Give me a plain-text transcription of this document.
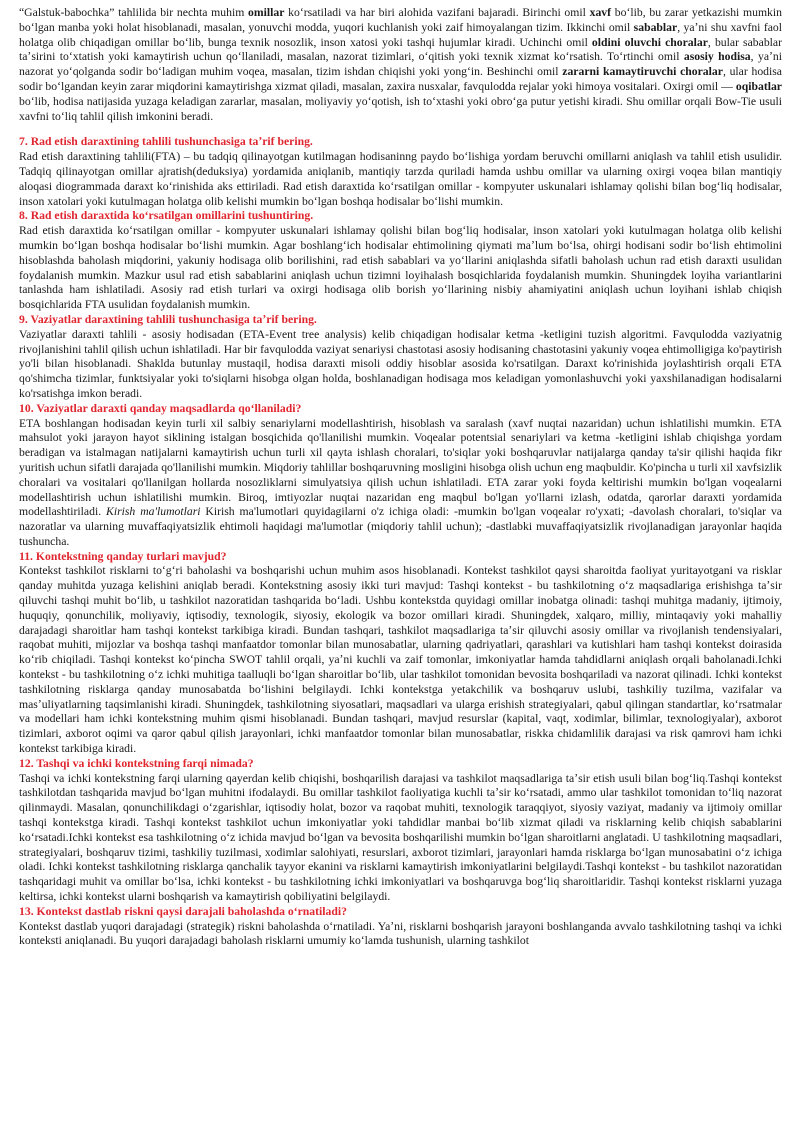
“Galstuk-babochka” tahlilida bir nechta muhim omillar koʻrsatiladi va har biri alohida vazifani bajaradi. Birinchi omil xavf boʻlib, bu zarar yetkazishi mumkin boʻlgan manba yoki holat hisoblanadi, masalan, yonuvchi modda, yuqori kuchlanish yoki zaif himoyalangan tizim. Ikkinchi omil sabablar, yaʼni shu xavfni faol holatga olib chiqadigan omillar boʻlib, bunga texnik nosozlik, inson xatosi yoki tashqi hujumlar kiradi. Uchinchi omil oldini oluvchi choralar, bular sabablar taʼsirini toʻxtatish yoki kamaytirish uchun qoʻllaniladi, masalan, nazorat tizimlari, oʻqitish yoki texnik xizmat koʻrsatish. Toʻrtinchi omil asosiy hodisa, yaʼni nazorat yoʻqolganda sodir boʻladigan muhim voqea, masalan, tizim ishdan chiqishi yoki yongʻin. Beshinchi omil zararni kamaytiruvchi choralar, ular hodisa sodir boʻlgandan keyin zarar miqdorini kamaytirishga xizmat qiladi, masalan, zaxira nusxalar, favqulodda rejalar yoki himoya vositalari. Oxirgi omil — oqibatlar boʻlib, hodisa natijasida yuzaga keladigan zararlar, masalan, moliyaviy yoʻqotish, ish toʻxtashi yoki obroʻga putur yetishi kiradi. Shu omillar orqali Bow-Tie usuli xavfni toʻliq tahlil qilish imkonini beradi.

7. Rad etish daraxtining tahlili tushunchasiga taʼrif bering.

Rad etish daraxtining tahlili(FTA) – bu tadqiq qilinayotgan kutilmagan hodisaninng paydo boʻlishiga yordam beruvchi omillarni aniqlash va tahlil etish usulidir. Tadqiq qilinayotgan omillar ajratish(deduksiya) yordamida aniqlanib, mantiqiy tarzda quriladi hamda ushbu omillar va ularning oxirgi voqea bilan mantiqiy aloqasi diogrammada daraxt koʻrinishida aks ettiriladi. Rad etish daraxtida koʻrsatilgan omillar - kompyuter uskunalari ishlamay qolishi bilan bogʻliq hodisalar, inson xatolari yoki kutulmagan holatga olib kelishi mumkin boʻlgan boshqa hodisalar boʻlishi mumkin.

8. Rad etish daraxtida koʻrsatilgan omillarini tushuntiring.

Rad etish daraxtida koʻrsatilgan omillar - kompyuter uskunalari ishlamay qolishi bilan bogʻliq hodisalar, inson xatolari yoki kutulmagan holatga olib kelishi mumkin boʻlgan boshqa hodisalar boʻlishi mumkin. Agar boshlangʻich hodisalar ehtimolining qiymati maʼlum boʻlsa, ohirgi hodisani sodir boʻlish ehtimolini hisoblashda baholash miqdorini, yakuniy hodisaga olib borilishini, rad etish sabablari va yoʻllarini aniqlashda sifatli baholash uchun rad etish daraxti usulidan foydalanish mumkin. Mazkur usul rad etish sabablarini aniqlash uchun tizimni loyihalash bosqichlarida foydalanish mumkin. Shuningdek loyiha variantlarini tanlashda ham ishlatiladi. Asosiy rad etish turlari va oxirgi hodisaga olib borish yoʻllarining nisbiy ahamiyatini aniqlash uchun loyihani ishlab chiqish bosqichlarida FTA usulidan foydalanish mumkin.

9. Vaziyatlar daraxtining tahlili tushunchasiga taʼrif bering.

Vaziyatlar daraxti tahlili - asosiy hodisadan (ETA-Event tree analysis) kelib chiqadigan hodisalar ketma -ketligini tuzish algoritmi. Favqulodda vaziyatnig rivojlanishini tahlil qilish uchun ishlatiladi. Har bir favqulodda vaziyat senariysi chastotasi asosiy hodisaning chastotasini yakuniy voqea ehtimolligiga ko'paytirish yo'li bilan hisoblanadi. Shaklda butunlay mustaqil, hodisa daraxti misoli oddiy hisoblar asosida ko'rsatilgan. Daraxt ko'rinishida joylashtirish orqali ETA qo'shimcha tizimlar, funktsiyalar yoki to'siqlarni hisobga olgan holda, boshlanadigan hodisaga mos keladigan yomonlashuvchi yoki yaxshilanadigan hodisalarni ko'rsatishga imkon beradi.

10. Vaziyatlar daraxti qanday maqsadlarda qoʻllaniladi?

ETA boshlangan hodisadan keyin turli xil salbiy senariylarni modellashtirish, hisoblash va saralash (xavf nuqtai nazaridan) uchun ishlatilishi mumkin. ETA mahsulot yoki jarayon hayot siklining istalgan bosqichida qo'llanilishi mumkin. Voqealar potentsial senariylari va ketma -ketligini ishlab chiqishga yordam beradigan va istalmagan natijalarni kamaytirish uchun turli xil qayta ishlash choralari, to'siqlar yoki boshqaruvlar natijalarga qanday ta'sir qilishi haqida fikr yuritish uchun sifatli darajada qo'llanilishi mumkin. Miqdoriy tahlillar boshqaruvning mosligini hisobga olish uchun eng maqbuldir. Ko'pincha u turli xil xavfsizlik choralari va vositalari qo'llanilgan hollarda nosozliklarni simulyatsiya qilish uchun ishlatiladi. ETA zarar yoki foyda keltirishi mumkin bo'lgan voqealarni modellashtirish uchun ishlatilishi mumkin. Biroq, imtiyozlar nuqtai nazaridan eng maqbul bo'lgan yo'llarni izlash, odatda, qarorlar daraxti yordamida modellashtiriladi. Kirish ma'lumotlari Kirish ma'lumotlari quyidagilarni o'z ichiga oladi: -mumkin bo'lgan voqealar ro'yxati; -davolash choralari, to'siqlar va nazoratlar va ularning muvaffaqiyatsizlik ehtimoli haqidagi ma'lumotlar (miqdoriy tahlil uchun); -dastlabki muvaffaqiyatsizlik rivojlanadigan jarayonlar haqida tushuncha.

11. Kontekstning qanday turlari mavjud?

Kontekst tashkilot risklarni toʻgʻri baholashi va boshqarishi uchun muhim asos hisoblanadi. Kontekst tashkilot qaysi sharoitda faoliyat yuritayotgani va risklar qanday muhitda yuzaga kelishini aniqlab beradi. Kontekstning asosiy ikki turi mavjud: Tashqi kontekst - bu tashkilotning oʻz maqsadlariga erishishga taʼsir qiluvchi tashqi muhit boʻlib, u tashkilot nazoratidan tashqarida boʻladi. Ushbu kontekstda quyidagi omillar inobatga olinadi: tashqi muhitga madaniy, ijtimoiy, huquqiy, qonunchilik, moliyaviy, iqtisodiy, texnologik, siyosiy, ekologik va bozor omillari kiradi. Shuningdek, xalqaro, milliy, mintaqaviy yoki mahalliy darajadagi sharoitlar ham tashqi kontekst tarkibiga kiradi. Bundan tashqari, tashkilot maqsadlariga taʼsir qiluvchi asosiy omillar va rivojlanish tendensiyalari, raqobat muhiti, mijozlar va boshqa tashqi manfaatdor tomonlar bilan munosabatlar, ularning qadriyatlari, qarashlari va kutishlari ham tashqi kontekst doirasida koʻrib chiqiladi. Tashqi kontekst koʻpincha SWOT tahlil orqali, yaʼni kuchli va zaif tomonlar, imkoniyatlar hamda tahdidlarni aniqlash orqali baholanadi.Ichki kontekst - bu tashkilotning oʻz ichki muhitiga taalluqli boʻlgan sharoitlar boʻlib, ular tashkilot tomonidan bevosita boshqariladi va nazorat qilinadi. Ichki kontekst tashkilotning risklarga qanday munosabatda boʻlishini belgilaydi. Ichki kontekstga yetakchilik va boshqaruv uslubi, tashkiliy tuzilma, vazifalar va masʼuliyatlarning taqsimlanishi kiradi. Shuningdek, tashkilotning siyosatlari, maqsadlari va ularga erishish strategiyalari, qabul qilingan standartlar, koʻrsatmalar va modellari ham ichki kontekstning muhim qismi hisoblanadi. Bundan tashqari, mavjud resurslar (kapital, vaqt, xodimlar, bilimlar, texnologiyalar), axborot tizimlari, axborot oqimi va qaror qabul qilish jarayonlari, ichki manfaatdor tomonlar bilan munosabatlar, riskka chidamlilik darajasi va risk qamrovi ham ichki kontekst tarkibiga kiradi.

12. Tashqi va ichki kontekstning farqi nimada?

Tashqi va ichki kontekstning farqi ularning qayerdan kelib chiqishi, boshqarilish darajasi va tashkilot maqsadlariga taʼsir etish usuli bilan bogʻliq.Tashqi kontekst tashkilotdan tashqarida mavjud boʻlgan muhitni ifodalaydi. Bu omillar tashkilot faoliyatiga kuchli taʼsir koʻrsatadi, ammo ular tashkilot tomonidan toʻliq nazorat qilinmaydi. Masalan, qonunchilikdagi oʻzgarishlar, iqtisodiy holat, bozor va raqobat muhiti, texnologik taraqqiyot, siyosiy vaziyat, madaniy va ijtimoiy omillar tashqi kontekstga kiradi. Tashqi kontekst tashkilot uchun imkoniyatlar yoki tahdidlar manbai boʻlib xizmat qiladi va risklarning kelib chiqish sabablarini koʻrsatadi.Ichki kontekst esa tashkilotning oʻz ichida mavjud boʻlgan va bevosita boshqarilishi mumkin boʻlgan sharoitlarni anglatadi. U tashkilotning maqsadlari, strategiyalari, boshqaruv tizimi, tashkiliy tuzilmasi, xodimlar salohiyati, resurslari, axborot tizimlari, jarayonlari hamda risklarga boʻlgan munosabatini oʻz ichiga oladi. Ichki kontekst tashkilotning risklarga qanchalik tayyor ekanini va risklarni kamaytirish imkoniyatlarini belgilaydi.Tashqi kontekst - bu tashkilot nazoratidan tashqaridagi muhit va omillar boʻlsa, ichki kontekst - bu tashkilotning ichki imkoniyatlari va boshqaruvga bogʻliq sharoitlaridir. Tashqi kontekst risklarni yuzaga keltirsa, ichki kontekst ularni boshqarish va kamaytirish qobiliyatini belgilaydi.

13. Kontekst dastlab riskni qaysi darajali baholashda oʻrnatiladi?

Kontekst dastlab yuqori darajadagi (strategik) riskni baholashda oʻrnatiladi. Yaʼni, risklarni boshqarish jarayoni boshlanganda avvalo tashkilotning tashqi va ichki konteksti aniqlanadi. Bu yuqori darajadagi baholash risklarni umumiy koʻlamda tushunish, ularning tashkilot
